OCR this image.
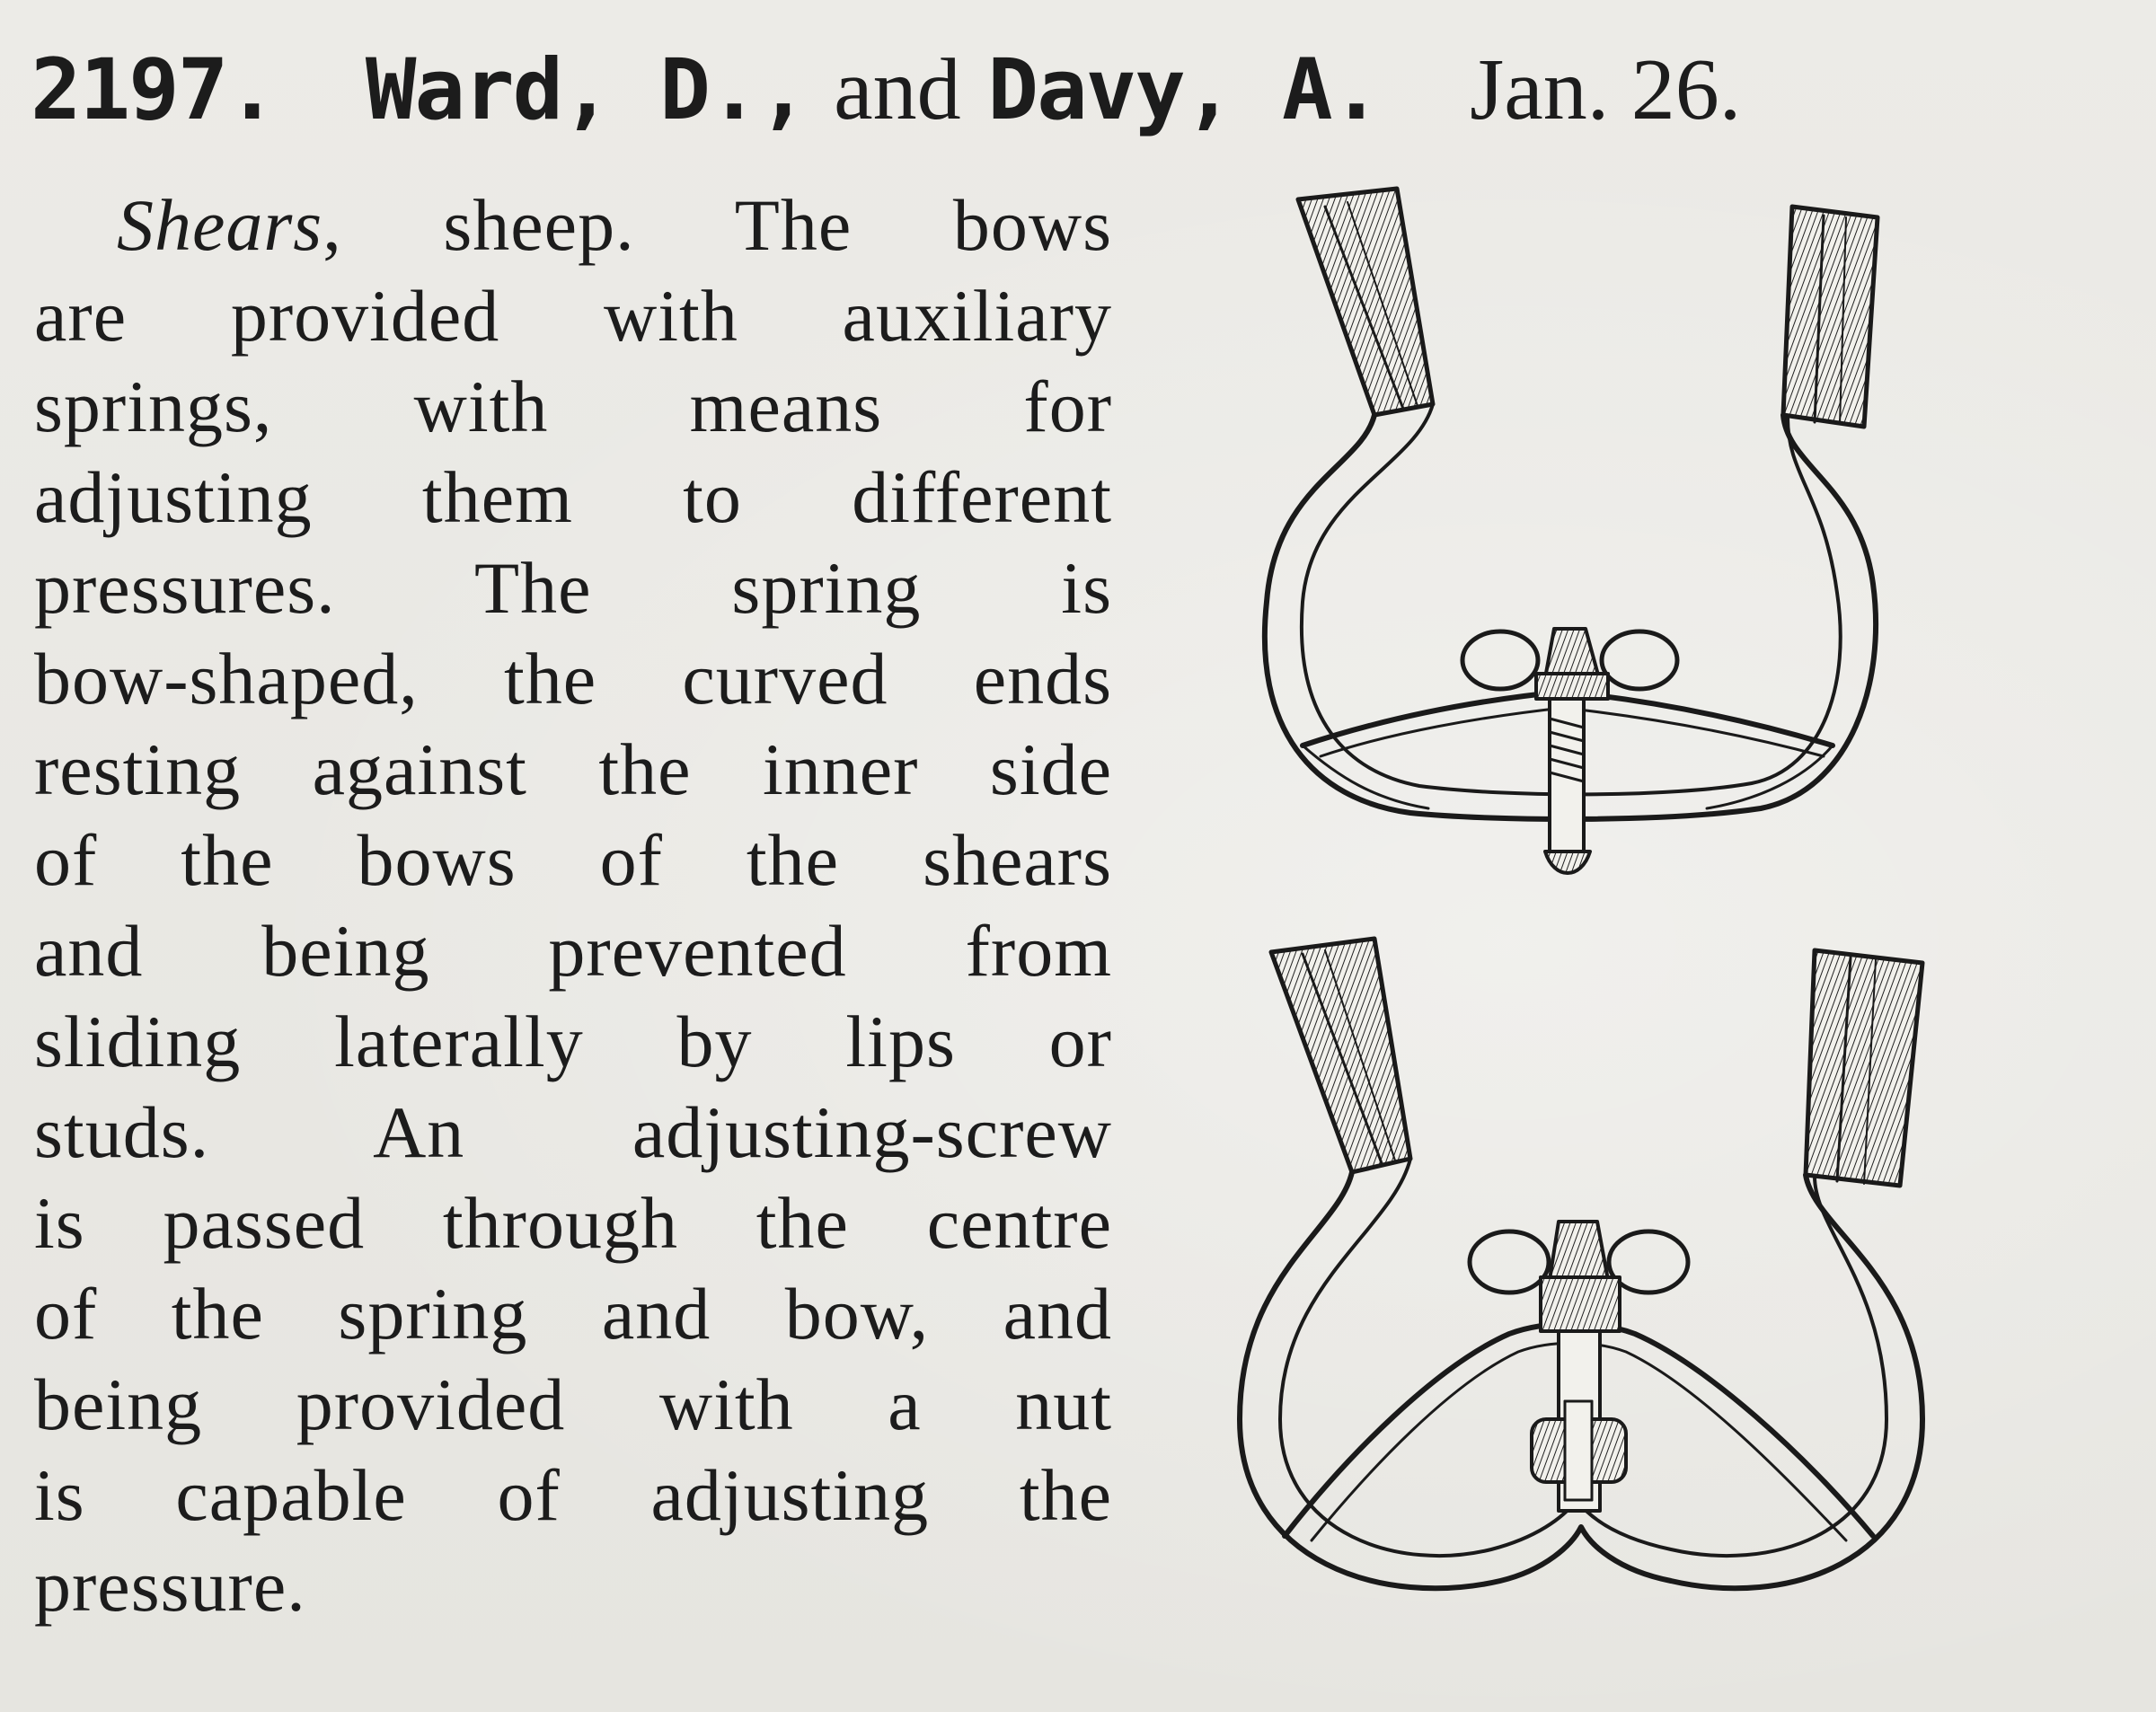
2197. Ward, D., and Davy, A. Jan. 26.
Shears, sheep. The bows
are provided with auxiliary
springs, with means for
adjusting them to different
pressures. The spring is
bow-shaped, the curved ends
resting against the inner side
of the bows of the shears
and being prevented from
sliding laterally by lips or
studs. An adjusting-screw
is passed through the centre
of the spring and bow, and
being provided with a nut
is capable of adjusting the
pressure.
